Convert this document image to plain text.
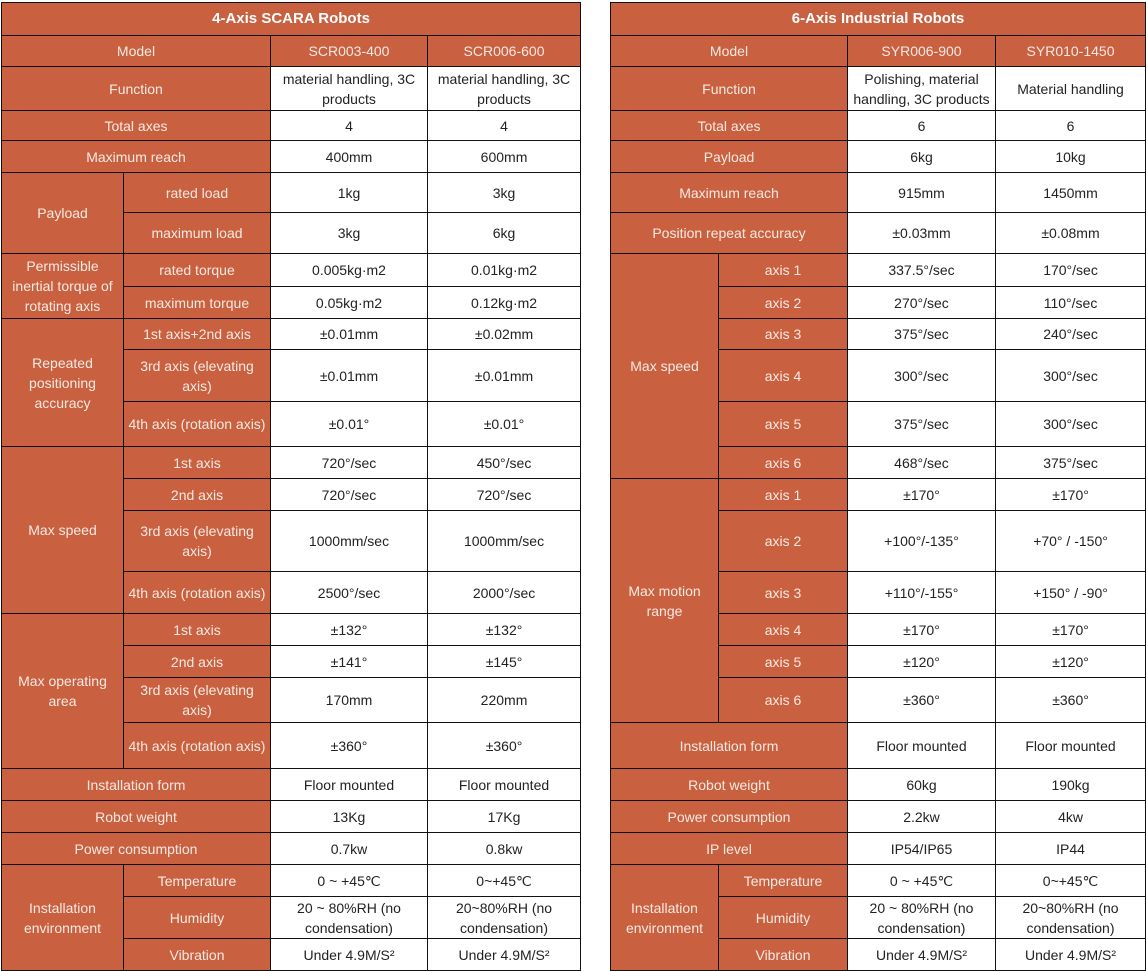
4-Axis SCARA Robots			
Model		SCR003-400	SCR006-600
Function		material handling, 3C products	material handling, 3C products
Total axes		4	4
Maximum reach		400mm	600mm
Payload	rated load	1kg	3kg
	maximum load	3kg	6kg
Permissible inertial torque of rotating axis	rated torque	0.005kg·m2	0.01kg·m2
	maximum torque	0.05kg·m2	0.12kg·m2
Repeated positioning accuracy	1st axis+2nd axis	±0.01mm	±0.02mm
	3rd axis (elevating axis)	±0.01mm	±0.01mm
	4th axis (rotation axis)	±0.01°	±0.01°
Max speed	1st axis	720°/sec	450°/sec
	2nd axis	720°/sec	720°/sec
	3rd axis (elevating axis)	1000mm/sec	1000mm/sec
	4th axis (rotation axis)	2500°/sec	2000°/sec
Max operating area	1st axis	±132°	±132°
	2nd axis	±141°	±145°
	3rd axis (elevating axis)	170mm	220mm
	4th axis (rotation axis)	±360°	±360°
Installation form		Floor mounted	Floor mounted
Robot weight		13Kg	17Kg
Power consumption		0.7kw	0.8kw
Installation environment	Temperature	0 ~ +45℃	0~+45℃
	Humidity	20 ~ 80%RH (no condensation)	20~80%RH (no condensation)
	Vibration	Under 4.9M/S²	Under 4.9M/S²
6-Axis Industrial Robots			
Model		SYR006-900	SYR010-1450
Function		Polishing, material handling, 3C products	Material handling
Total axes		6	6
Payload		6kg	10kg
Maximum reach		915mm	1450mm
Position repeat accuracy		±0.03mm	±0.08mm
Max speed	axis 1	337.5°/sec	170°/sec
	axis 2	270°/sec	110°/sec
	axis 3	375°/sec	240°/sec
	axis 4	300°/sec	300°/sec
	axis 5	375°/sec	300°/sec
	axis 6	468°/sec	375°/sec
Max motion range	axis 1	±170°	±170°
	axis 2	+100°/-135°	+70° / -150°
	axis 3	+110°/-155°	+150° / -90°
	axis 4	±170°	±170°
	axis 5	±120°	±120°
	axis 6	±360°	±360°
Installation form		Floor mounted	Floor mounted
Robot weight		60kg	190kg
Power consumption		2.2kw	4kw
IP level		IP54/IP65	IP44
Installation environment	Temperature	0 ~ +45℃	0~+45℃
	Humidity	20 ~ 80%RH (no condensation)	20~80%RH (no condensation)
	Vibration	Under 4.9M/S²	Under 4.9M/S²
